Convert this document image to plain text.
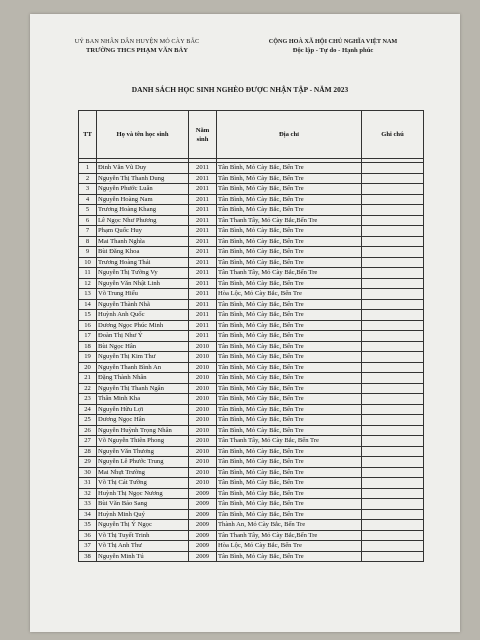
UỶ BAN NHÂN DÂN HUYỆN MỎ CÀY BẮC
TRƯỜNG THCS PHẠM VĂN BẢY
CỘNG HOÀ XÃ HỘI CHỦ NGHĨA VIỆT NAM
Độc lập - Tự do - Hạnh phúc
DANH SÁCH HỌC SINH NGHÈO ĐƯỢC NHẬN TẬP - NĂM 2023
TT	Họ và tên học sinh	Năm sinh	Địa chỉ	Ghi chú

1	Đinh Văn Vũ Duy	2011	Tân Bình, Mỏ Cày Bắc, Bến Tre	
2	Nguyễn Thị Thanh Dung	2011	Tân Bình, Mỏ Cày Bắc, Bến Tre	
3	Nguyễn Phước Luân	2011	Tân Bình, Mỏ Cày Bắc, Bến Tre	
4	Nguyễn Hoàng Nam	2011	Tân Bình, Mỏ Cày Bắc, Bến Tre	
5	Trương Hoàng Khang	2011	Tân Bình, Mỏ Cày Bắc, Bến Tre	
6	Lê Ngọc Như Phương	2011	Tân Thanh Tây, Mỏ Cày Bắc,Bến Tre	
7	Phạm Quốc Huy	2011	Tân Bình, Mỏ Cày Bắc, Bến Tre	
8	Mai Thanh Nghĩa	2011	Tân Bình, Mỏ Cày Bắc, Bến Tre	
9	Bùi Đăng Khoa	2011	Tân Bình, Mỏ Cày Bắc, Bến Tre	
10	Trương Hoàng Thái	2011	Tân Bình, Mỏ Cày Bắc, Bến Tre	
11	Nguyễn Thị Tường Vy	2011	Tân Thanh Tây, Mỏ Cày Bắc,Bến Tre	
12	Nguyễn Văn Nhật Linh	2011	Tân Bình, Mỏ Cày Bắc, Bến Tre	
13	Võ Trung Hiếu	2011	Hòa Lộc, Mỏ Cày Bắc, Bến Tre	
14	Nguyễn Thành Nhã	2011	Tân Bình, Mỏ Cày Bắc, Bến Tre	
15	Huỳnh Anh Quốc	2011	Tân Bình, Mỏ Cày Bắc, Bến Tre	
16	Dương Ngọc Phúc Minh	2011	Tân Bình, Mỏ Cày Bắc, Bến Tre	
17	Đoàn Thị Như Ý	2011	Tân Bình, Mỏ Cày Bắc, Bến Tre	
18	Bùi Ngọc Hân	2010	Tân Bình, Mỏ Cày Bắc, Bến Tre	
19	Nguyễn Thị Kim Thư	2010	Tân Bình, Mỏ Cày Bắc, Bến Tre	
20	Nguyễn Thanh Bình An	2010	Tân Bình, Mỏ Cày Bắc, Bến Tre	
21	Đặng Thành Nhân	2010	Tân Bình, Mỏ Cày Bắc, Bến Tre	
22	Nguyễn Thị Thanh Ngân	2010	Tân Bình, Mỏ Cày Bắc, Bến Tre	
23	Thân Minh Kha	2010	Tân Bình, Mỏ Cày Bắc, Bến Tre	
24	Nguyễn Hữu Lợi	2010	Tân Bình, Mỏ Cày Bắc, Bến Tre	
25	Dương Ngọc Hân	2010	Tân Bình, Mỏ Cày Bắc, Bến Tre	
26	Nguyễn Huỳnh Trọng Nhân	2010	Tân Bình, Mỏ Cày Bắc, Bến Tre	
27	Võ Nguyễn Thiên Phong	2010	Tân Thanh Tây, Mỏ Cày Bắc, Bến Tre	
28	Nguyễn Văn Thương	2010	Tân Bình, Mỏ Cày Bắc, Bến Tre	
29	Nguyễn Lê Phước Trung	2010	Tân Bình, Mỏ Cày Bắc, Bến Tre	
30	Mai Nhựt Trường	2010	Tân Bình, Mỏ Cày Bắc, Bến Tre	
31	Võ Thị Cát Tường	2010	Tân Bình, Mỏ Cày Bắc, Bến Tre	
32	Huỳnh Thị Ngọc Nương	2009	Tân Bình, Mỏ Cày Bắc, Bến Tre	
33	Bùi Văn Bảo Sang	2009	Tân Bình, Mỏ Cày Bắc, Bến Tre	
34	Huỳnh Minh Quý	2009	Tân Bình, Mỏ Cày Bắc, Bến Tre	
35	Nguyễn Thị Ý Ngọc	2009	Thành An, Mỏ Cày Bắc, Bến Tre	
36	Võ Thị Tuyết Trinh	2009	Tân Thanh Tây, Mỏ Cày Bắc,Bến Tre	
37	Võ Thị Anh Thư	2009	Hòa Lộc, Mỏ Cày Bắc, Bến Tre	
38	Nguyễn Minh Tú	2009	Tân Bình, Mỏ Cày Bắc, Bến Tre	
